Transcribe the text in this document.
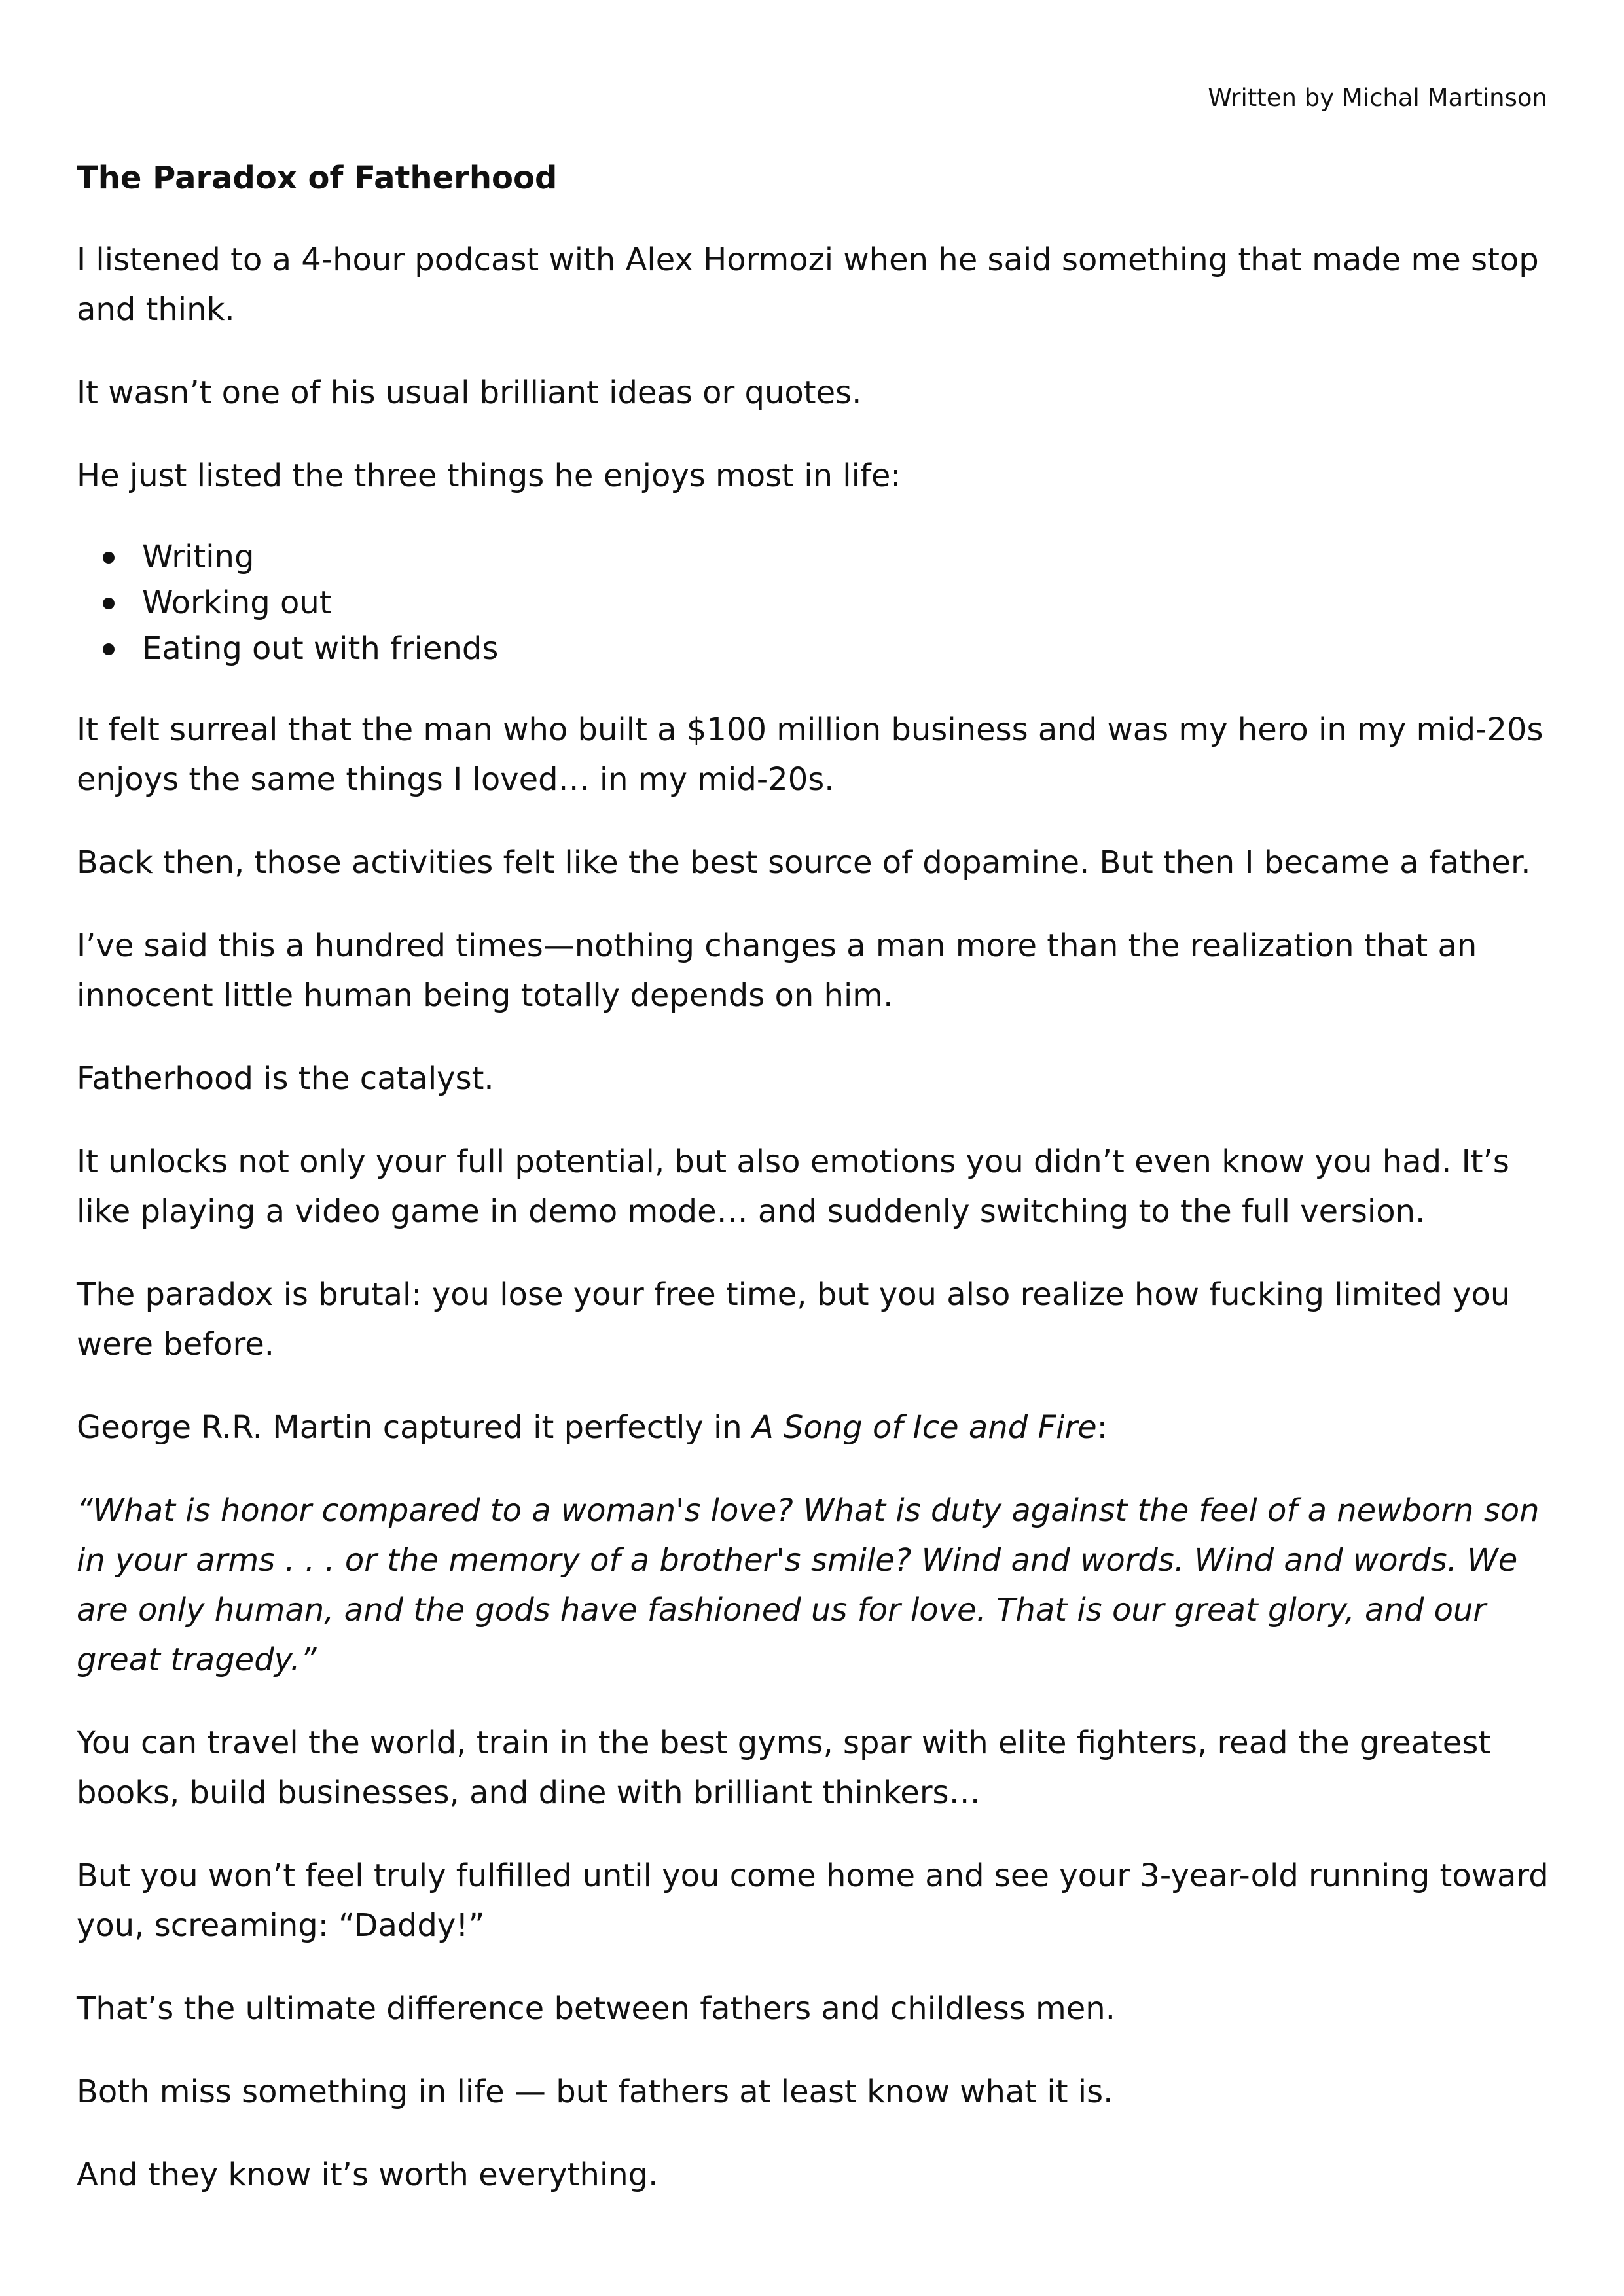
Written by Michal Martinson

The Paradox of Fatherhood

I listened to a 4-hour podcast with Alex Hormozi when he said something that made me stop and think.

It wasn’t one of his usual brilliant ideas or quotes.

He just listed the three things he enjoys most in life:

Writing
Working out
Eating out with friends

It felt surreal that the man who built a $100 million business and was my hero in my mid-20s enjoys the same things I loved… in my mid-20s.

Back then, those activities felt like the best source of dopamine. But then I became a father.

I’ve said this a hundred times—nothing changes a man more than the realization that an innocent little human being totally depends on him.

Fatherhood is the catalyst.

It unlocks not only your full potential, but also emotions you didn’t even know you had. It’s like playing a video game in demo mode… and suddenly switching to the full version.

The paradox is brutal: you lose your free time, but you also realize how fucking limited you were before.

George R.R. Martin captured it perfectly in A Song of Ice and Fire:

“What is honor compared to a woman's love? What is duty against the feel of a newborn son in your arms . . . or the memory of a brother's smile? Wind and words. Wind and words. We are only human, and the gods have fashioned us for love. That is our great glory, and our great tragedy.”

You can travel the world, train in the best gyms, spar with elite fighters, read the greatest books, build businesses, and dine with brilliant thinkers…

But you won’t feel truly fulfilled until you come home and see your 3-year-old running toward you, screaming: “Daddy!”

That’s the ultimate difference between fathers and childless men.

Both miss something in life — but fathers at least know what it is.

And they know it’s worth everything.
